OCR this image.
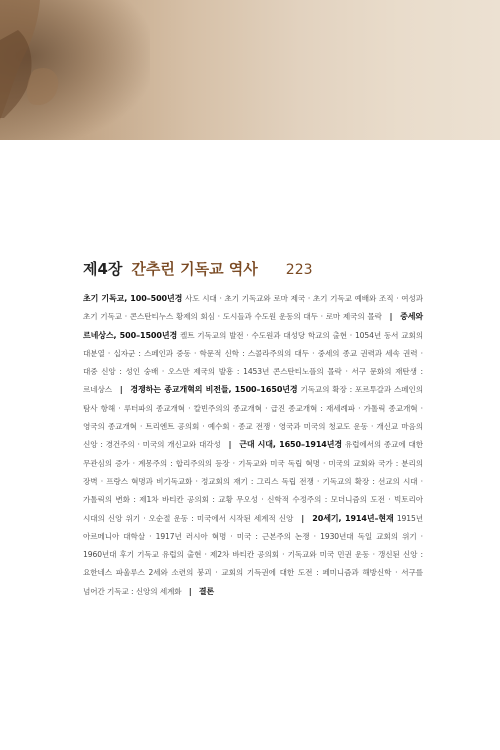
제4장 간추린 기독교 역사 223
초기 기독교, 100–500년경 사도 시대 · 초기 기독교와 로마 제국 · 초기 기독교 예배와 조직 · 여성과 초기 기독교 · 콘스탄티누스 황제의 회심 · 도시들과 수도원 운동의 대두 · 로마 제국의 몰락 | 중세와 르네상스, 500–1500년경 켈트 기독교의 발전 · 수도원과 대성당 학교의 출현 · 1054년 동서 교회의 대분열 · 십자군 : 스페인과 중동 · 학문적 신학 : 스콜라주의의 대두 · 중세의 종교 권력과 세속 권력 · 대중 신앙 : 성인 숭배 · 오스만 제국의 발흥 : 1453년 콘스탄티노플의 몰락 · 서구 문화의 재탄생 : 르네상스 | 경쟁하는 종교개혁의 비전들, 1500–1650년경 기독교의 확장 : 포르투갈과 스페인의 탐사 항해 · 루터파의 종교개혁 · 칼빈주의의 종교개혁 · 급진 종교개혁 : 재세례파 · 가톨릭 종교개혁 · 영국의 종교개혁 · 트리엔트 공의회 · 예수회 · 종교 전쟁 · 영국과 미국의 청교도 운동 · 개신교 마음의 신앙 : 경건주의 · 미국의 개신교와 대각성 | 근대 시대, 1650–1914년경 유럽에서의 종교에 대한 무관심의 증가 · 계몽주의 : 합리주의의 등장 · 기독교와 미국 독립 혁명 · 미국의 교회와 국가 : 분리의 장벽 · 프랑스 혁명과 비기독교화 · 정교회의 재기 : 그리스 독립 전쟁 · 기독교의 확장 : 선교의 시대 · 가톨릭의 변화 : 제1차 바티칸 공의회 : 교황 무오성 · 신학적 수정주의 : 모더니즘의 도전 · 빅토리아 시대의 신앙 위기 · 오순절 운동 : 미국에서 시작된 세계적 신앙 | 20세기, 1914년–현재 1915년 아르메니아 대학살 · 1917년 러시아 혁명 · 미국 : 근본주의 논쟁 · 1930년대 독일 교회의 위기 · 1960년대 후기 기독교 유럽의 출현 · 제2차 바티칸 공의회 · 기독교와 미국 민권 운동 · 갱신된 신앙 : 요한네스 파울루스 2세와 소련의 붕괴 · 교회의 기득권에 대한 도전 : 페미니즘과 해방신학 · 서구를 넘어간 기독교 : 신앙의 세계화 | 결론
